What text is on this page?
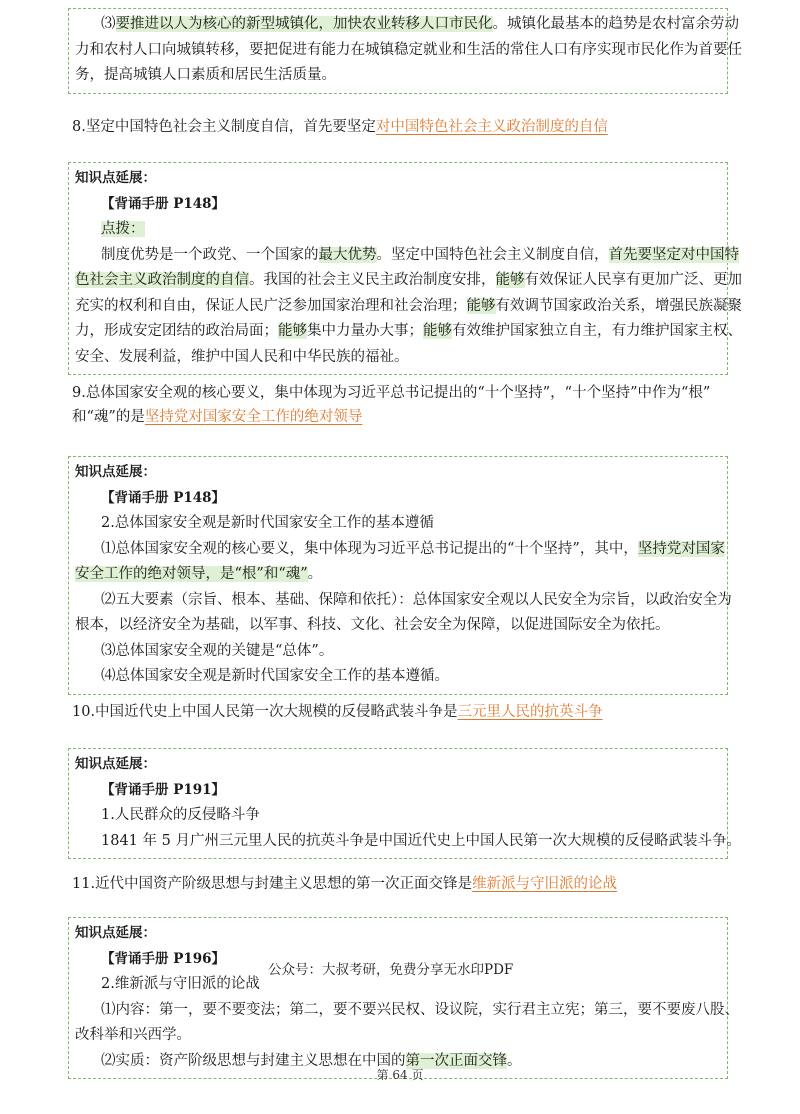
⑶要推进以人为核心的新型城镇化，加快农业转移人口市民化。城镇化最基本的趋势是农村富余劳动
力和农村人口向城镇转移，要把促进有能力在城镇稳定就业和生活的常住人口有序实现市民化作为首要任
务，提高城镇人口素质和居民生活质量。
8.坚定中国特色社会主义制度自信，首先要坚定对中国特色社会主义政治制度的自信
知识点延展：
【背诵手册 P148】
点拨：
制度优势是一个政党、一个国家的最大优势。坚定中国特色社会主义制度自信，首先要坚定对中国特
色社会主义政治制度的自信。我国的社会主义民主政治制度安排，能够有效保证人民享有更加广泛、更加
充实的权利和自由，保证人民广泛参加国家治理和社会治理；能够有效调节国家政治关系，增强民族凝聚
力，形成安定团结的政治局面；能够集中力量办大事；能够有效维护国家独立自主，有力维护国家主权、
安全、发展利益，维护中国人民和中华民族的福祉。
9.总体国家安全观的核心要义，集中体现为习近平总书记提出的“十个坚持”，“十个坚持”中作为“根”
和“魂”的是坚持党对国家安全工作的绝对领导
知识点延展：
【背诵手册 P148】
2.总体国家安全观是新时代国家安全工作的基本遵循
⑴总体国家安全观的核心要义，集中体现为习近平总书记提出的“十个坚持”，其中，坚持党对国家
安全工作的绝对领导，是“根”和“魂”。
⑵五大要素（宗旨、根本、基础、保障和依托）：总体国家安全观以人民安全为宗旨，以政治安全为
根本，以经济安全为基础，以军事、科技、文化、社会安全为保障，以促进国际安全为依托。
⑶总体国家安全观的关键是“总体”。
⑷总体国家安全观是新时代国家安全工作的基本遵循。
10.中国近代史上中国人民第一次大规模的反侵略武装斗争是三元里人民的抗英斗争
知识点延展：
【背诵手册 P191】
1.人民群众的反侵略斗争
1841 年 5 月广州三元里人民的抗英斗争是中国近代史上中国人民第一次大规模的反侵略武装斗争。
11.近代中国资产阶级思想与封建主义思想的第一次正面交锋是维新派与守旧派的论战
知识点延展：
【背诵手册 P196】
2.维新派与守旧派的论战
⑴内容：第一，要不要变法；第二，要不要兴民权、设议院，实行君主立宪；第三，要不要废八股、
改科举和兴西学。
⑵实质：资产阶级思想与封建主义思想在中国的第一次正面交锋。
公众号：大叔考研，免费分享无水印PDF
第 64 页
